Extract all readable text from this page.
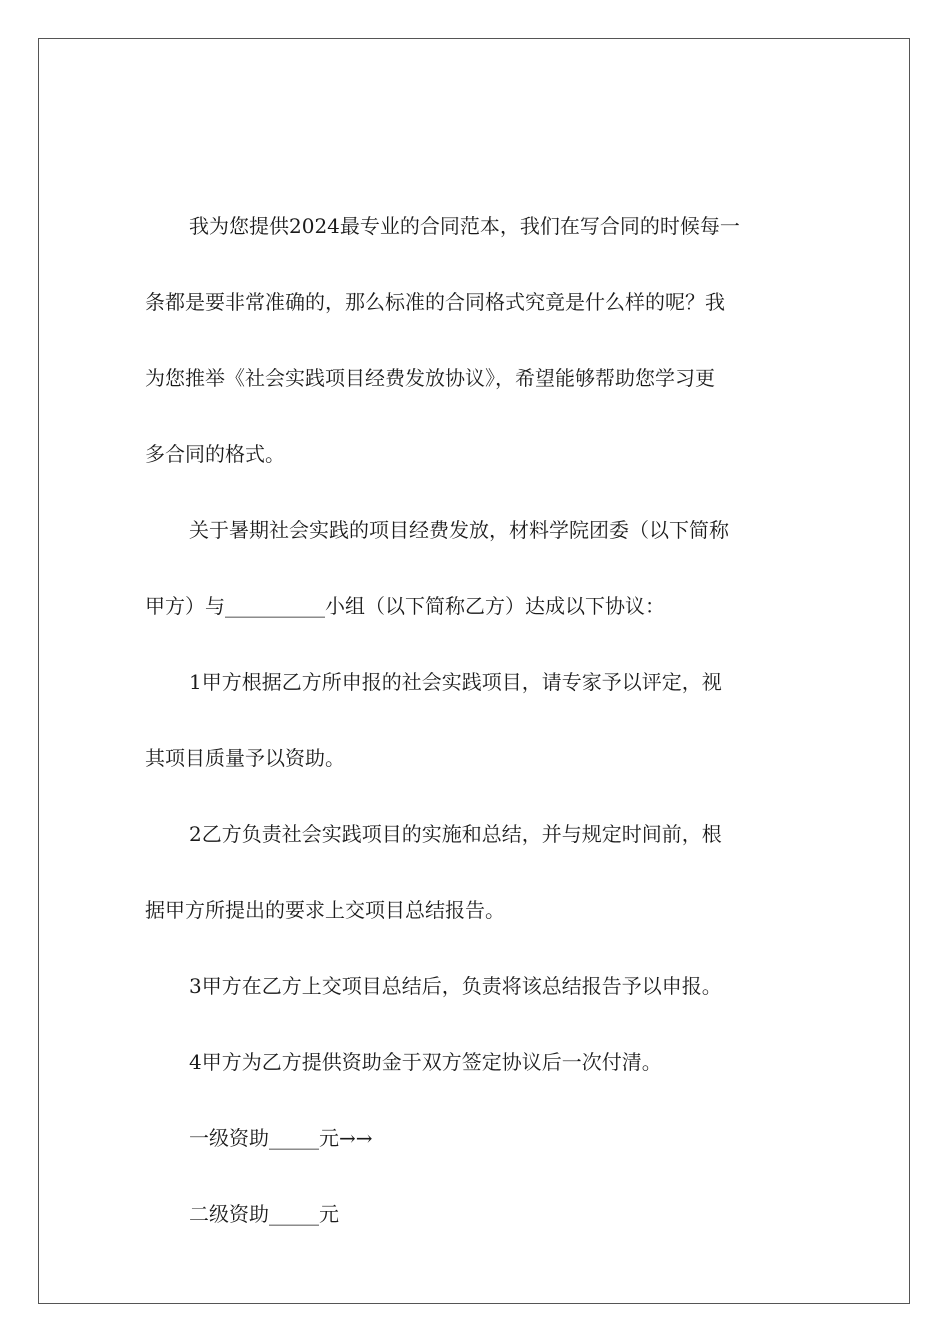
我为您提供2024最专业的合同范本，我们在写合同的时候每一

条都是要非常准确的，那么标准的合同格式究竟是什么样的呢？我

为您推举《社会实践项目经费发放协议》，希望能够帮助您学习更

多合同的格式。

关于暑期社会实践的项目经费发放，材料学院团委（以下简称

甲方）与__________小组（以下简称乙方）达成以下协议：

1甲方根据乙方所申报的社会实践项目，请专家予以评定，视

其项目质量予以资助。

2乙方负责社会实践项目的实施和总结，并与规定时间前，根

据甲方所提出的要求上交项目总结报告。

3甲方在乙方上交项目总结后，负责将该总结报告予以申报。

4甲方为乙方提供资助金于双方签定协议后一次付清。

一级资助_____元→→

二级资助_____元
